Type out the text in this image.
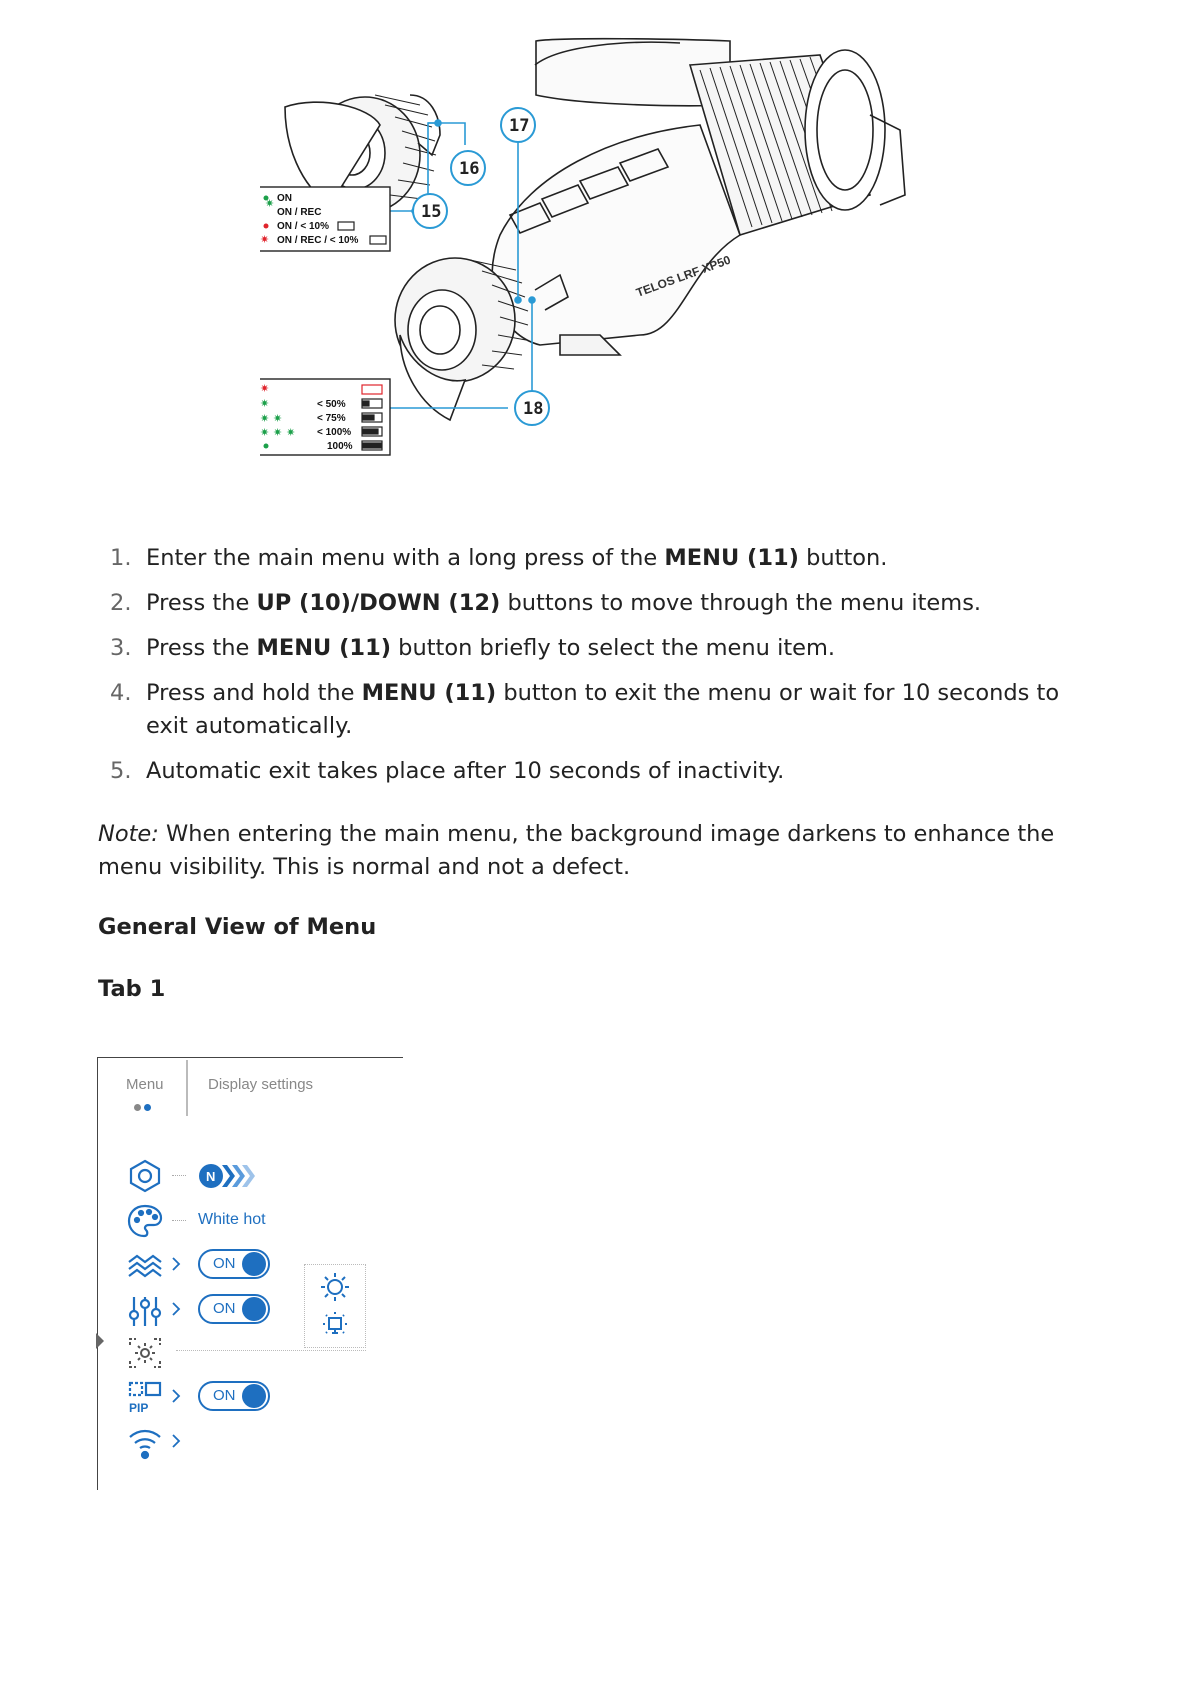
TELOS LRF XP50
15
16
17
18
✷
✷
ON
ON / REC
ON / < 10%
ON / REC / < 10%
✷
✷
✷ ✷
✷ ✷ ✷
< 50%
< 75%
< 100%
100%
1. Enter the main menu with a long press of the MENU (11) button.
2. Press the UP (10)/DOWN (12) buttons to move through the menu items.
3. Press the MENU (11) button briefly to select the menu item.
4. Press and hold the MENU (11) button to exit the menu or wait for 10 seconds to exit automatically.
5. Automatic exit takes place after 10 seconds of inactivity.

Note: When entering the main menu, the background image darkens to enhance the menu visibility. This is normal and not a defect.

General View of Menu
Tab 1
Menu	Display settings
N
White hot
ON
ON
PIP
ON
